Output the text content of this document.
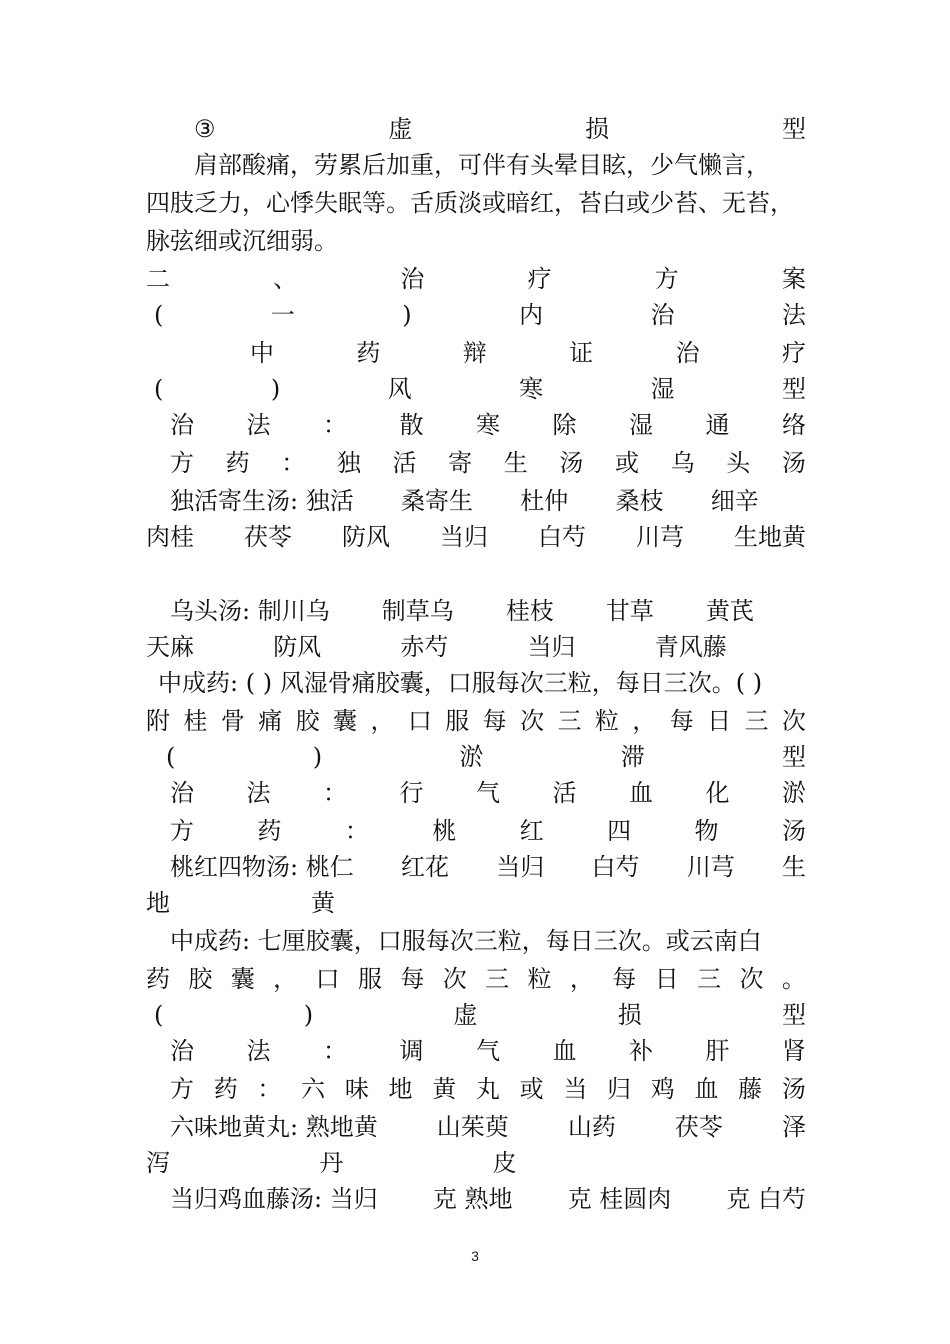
3
③	虚	损	型
肩部酸痛，劳累后加重，可伴有头晕目眩，少气懒言，
四肢乏力，心悸失眠等。舌质淡或暗红，苔白或少苔、无苔，
脉弦细或沉细弱。
二	、	治	疗	方	案
(	一	)	内	治	法
中	药	辩	证	治	疗
(	)	风	寒	湿	型
治 法 ： 散 寒 除 湿 通 络
方 药 ： 独 活 寄 生 汤 或 乌 头 汤
独活寄生汤: 独活 桑寄生 杜仲 桑枝 细辛
肉桂 茯苓 防风 当归 白芍 川芎 生地黄
乌头汤: 制川乌 制草乌 桂枝 甘草 黄芪
天麻	防风	赤芍	当归	青风藤
中成药: ( ) 风湿骨痛胶囊，口服每次三粒，每日三次。( )
附 桂 骨 痛 胶 囊 ， 口 服 每 次 三 粒 ， 每 日 三 次
(	)	淤	滞	型
治 法 ： 行 气 活 血 化 淤
方	药	：	桃	红	四	物	汤
桃红四物汤: 桃仁 红花 当归 白芍 川芎 生
地	黄
中成药: 七厘胶囊，口服每次三粒，每日三次。或云南白
药 胶 囊 ， 口 服 每 次 三 粒 ， 每 日 三 次 。
(	)	虚	损	型
治 法 ： 调 气 血 补 肝 肾
方 药 ： 六 味 地 黄 丸 或 当 归 鸡 血 藤 汤
六味地黄丸: 熟地黄 山茱萸 山药 茯苓 泽
泻	丹	皮
当归鸡血藤汤: 当归 克 熟地 克 桂圆肉 克 白芍
